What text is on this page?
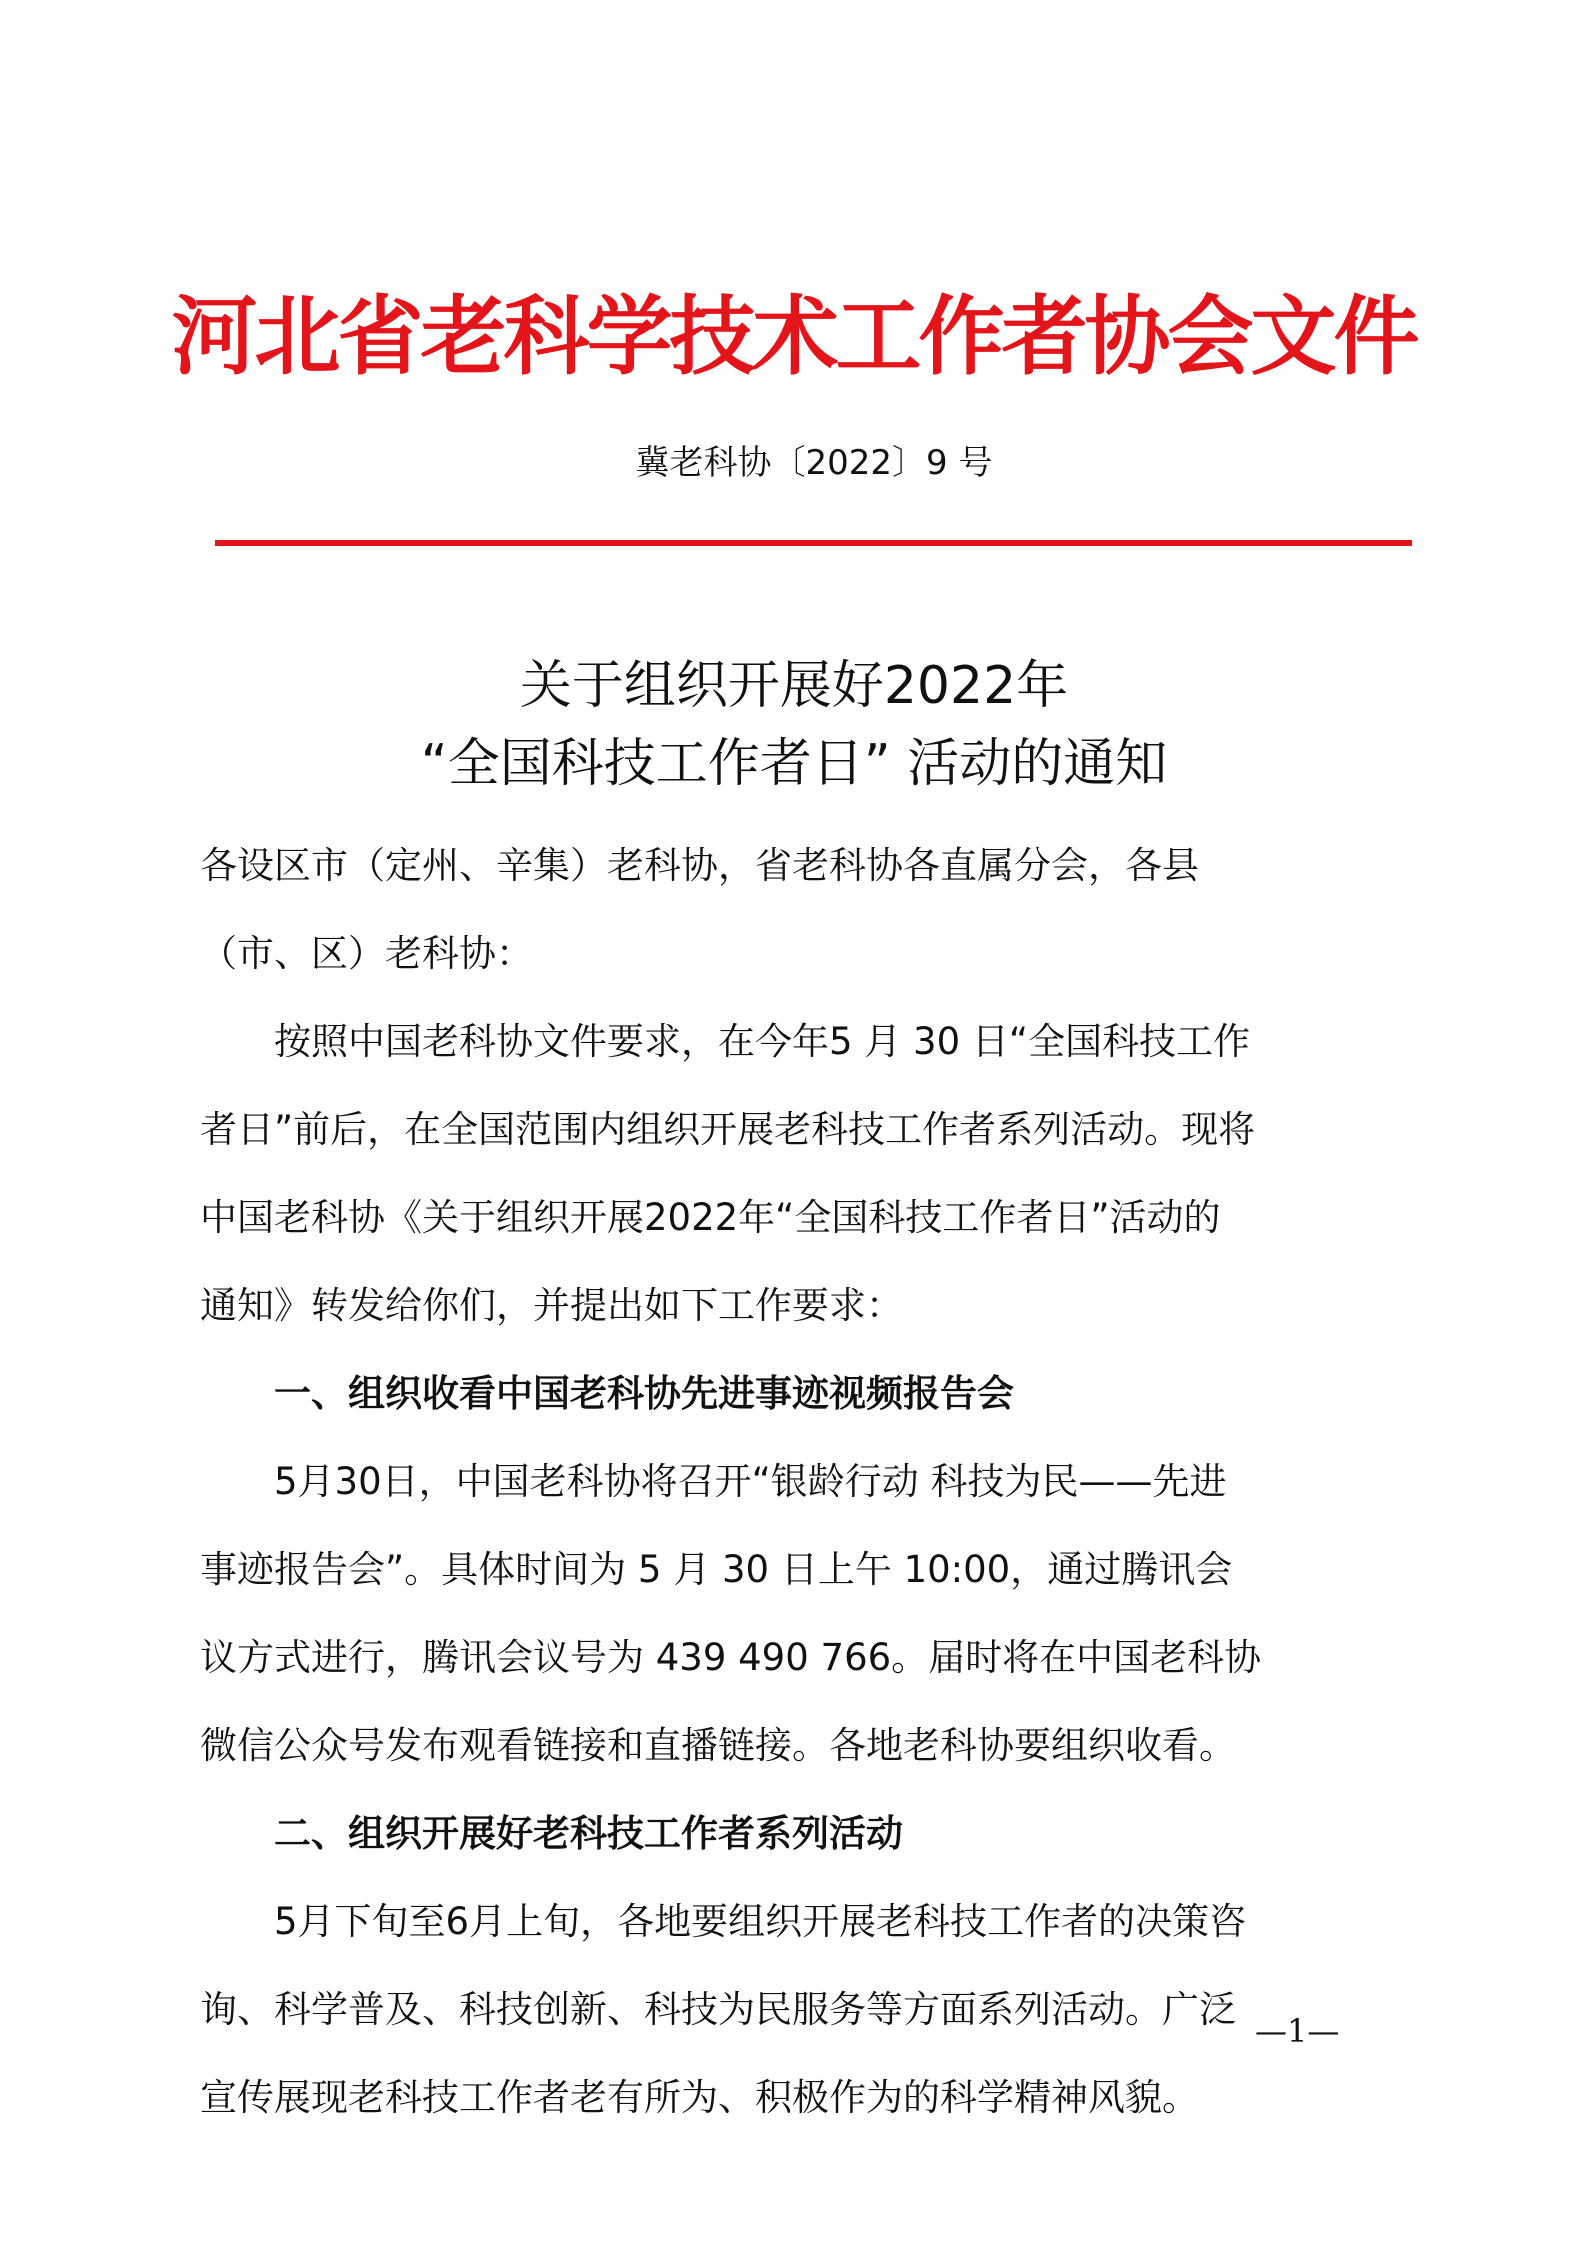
河北省老科学技术工作者协会文件
冀老科协〔2022〕9 号
关于组织开展好2022年
“全国科技工作者日” 活动的通知
各设区市（定州、辛集）老科协，省老科协各直属分会，各县
（市、区）老科协：
　　按照中国老科协文件要求，在今年5 月 30 日“全国科技工作
者日”前后，在全国范围内组织开展老科技工作者系列活动。现将
中国老科协《关于组织开展2022年“全国科技工作者日”活动的
通知》转发给你们，并提出如下工作要求：
　　一、组织收看中国老科协先进事迹视频报告会
　　5月30日，中国老科协将召开“银龄行动 科技为民——先进
事迹报告会”。具体时间为 5 月 30 日上午 10:00，通过腾讯会
议方式进行，腾讯会议号为 439 490 766。届时将在中国老科协
微信公众号发布观看链接和直播链接。各地老科协要组织收看。
　　二、组织开展好老科技工作者系列活动
　　5月下旬至6月上旬，各地要组织开展老科技工作者的决策咨
询、科学普及、科技创新、科技为民服务等方面系列活动。广泛
宣传展现老科技工作者老有所为、积极作为的科学精神风貌。
—1—
